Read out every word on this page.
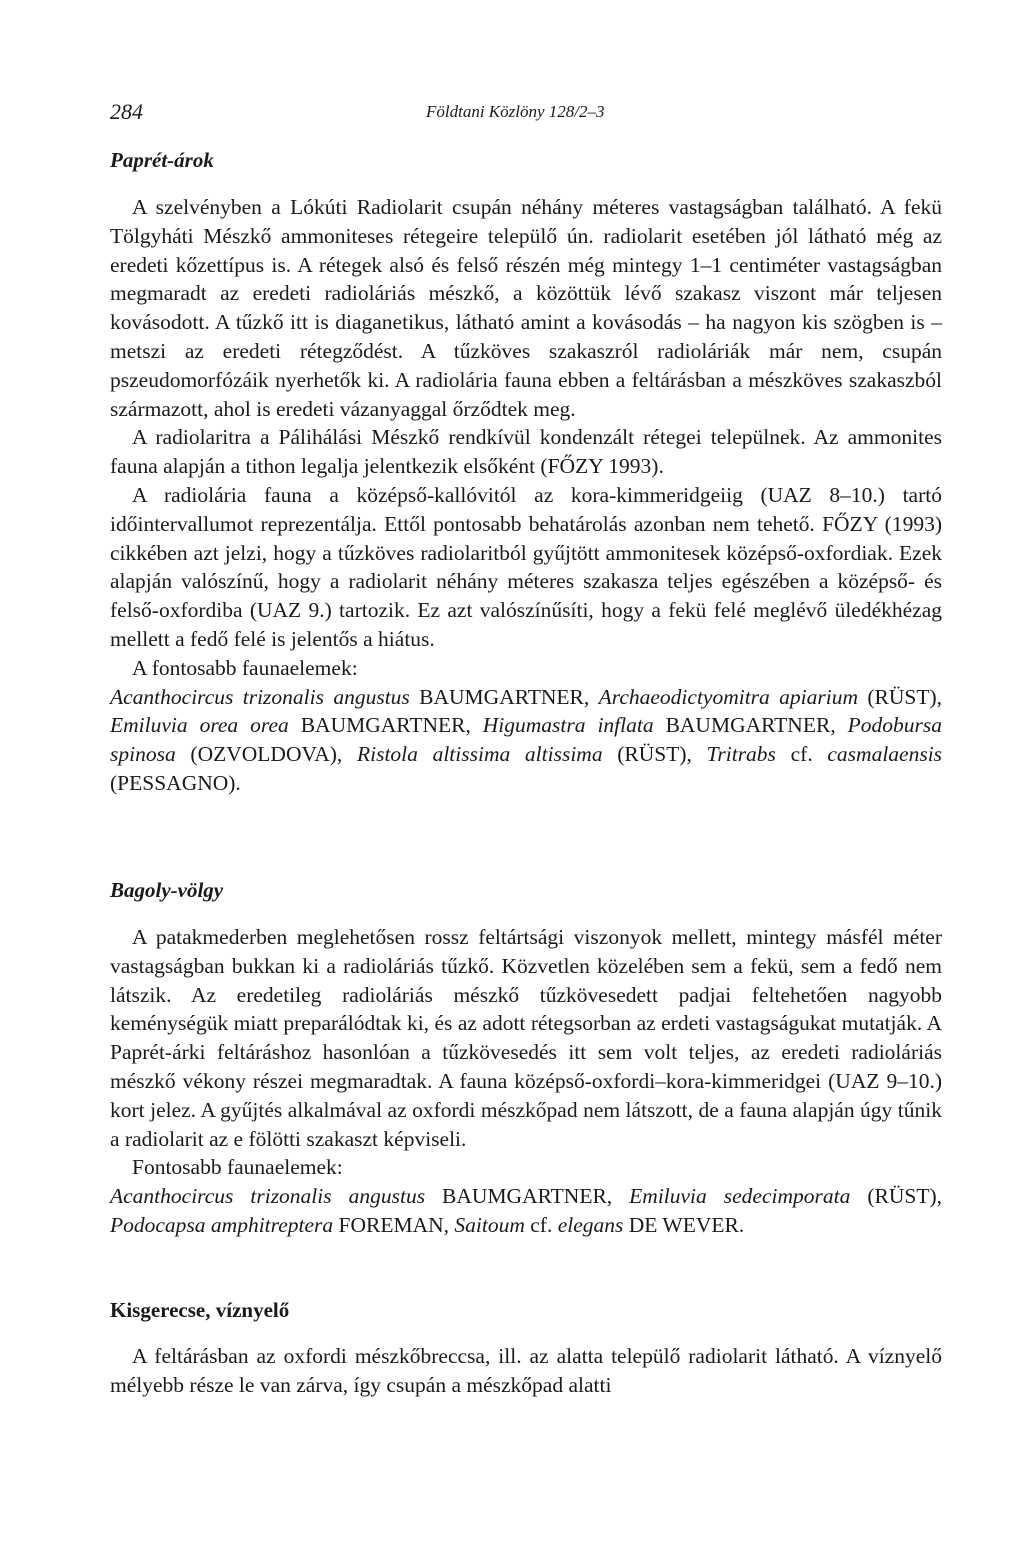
284	Földtani Közlöny 128/2–3
Paprét-árok

A szelvényben a Lókúti Radiolarit csupán néhány méteres vastagságban található. A fekü Tölgyháti Mészkő ammoniteses rétegeire települő ún. radiolarit esetében jól látható még az eredeti kőzettípus is. A rétegek alsó és felső részén még mintegy 1–1 centiméter vastagságban megmaradt az eredeti radioláriás mészkő, a közöttük lévő szakasz viszont már teljesen kovásodott. A tűzkő itt is diaganetikus, látható amint a kovásodás – ha nagyon kis szögben is – metszi az eredeti rétegződést. A tűzköves szakaszról radioláriák már nem, csupán pszeudomorfózáik nyerhetők ki. A radiolária fauna ebben a feltárásban a mészköves szakaszból származott, ahol is eredeti vázanyaggal őrződtek meg.

A radiolaritra a Pálihálási Mészkő rendkívül kondenzált rétegei települnek. Az ammonites fauna alapján a tithon legalja jelentkezik elsőként (FŐZY 1993).

A radiolária fauna a középső-kallóvitól az kora-kimmeridgeiig (UAZ 8–10.) tartó időintervallumot reprezentálja. Ettől pontosabb behatárolás azonban nem tehető. FŐZY (1993) cikkében azt jelzi, hogy a tűzköves radiolaritból gyűjtött ammonitesek középső-oxfordiak. Ezek alapján valószínű, hogy a radiolarit néhány méteres szakasza teljes egészében a középső- és felső-oxfordiba (UAZ 9.) tartozik. Ez azt valószínűsíti, hogy a fekü felé meglévő üledékhézag mellett a fedő felé is jelentős a hiátus.

A fontosabb faunaelemek:

Acanthocircus trizonalis angustus BAUMGARTNER, Archaeodictyomitra apiarium (RÜST), Emiluvia orea orea BAUMGARTNER, Higumastra inflata BAUMGARTNER, Podobursa spinosa (OZVOLDOVA), Ristola altissima altissima (RÜST), Tritrabs cf. casmalaensis (PESSAGNO).

Bagoly-völgy

A patakmederben meglehetősen rossz feltártsági viszonyok mellett, mintegy másfél méter vastagságban bukkan ki a radioláriás tűzkő. Közvetlen közelében sem a fekü, sem a fedő nem látszik. Az eredetileg radioláriás mészkő tűzkövesedett padjai feltehetően nagyobb keménységük miatt preparálódtak ki, és az adott rétegsorban az erdeti vastagságukat mutatják. A Paprét-árki feltáráshoz hasonlóan a tűzkövesedés itt sem volt teljes, az eredeti radioláriás mészkő vékony részei megmaradtak. A fauna középső-oxfordi–kora-kimmeridgei (UAZ 9–10.) kort jelez. A gyűjtés alkalmával az oxfordi mészkőpad nem látszott, de a fauna alapján úgy tűnik a radiolarit az e fölötti szakaszt képviseli.

Fontosabb faunaelemek:

Acanthocircus trizonalis angustus BAUMGARTNER, Emiluvia sedecimporata (RÜST), Podocapsa amphitreptera FOREMAN, Saitoum cf. elegans DE WEVER.

Kisgerecse, víznyelő

A feltárásban az oxfordi mészkőbreccsa, ill. az alatta települő radiolarit látható. A víznyelő mélyebb része le van zárva, így csupán a mészkőpad alatti
